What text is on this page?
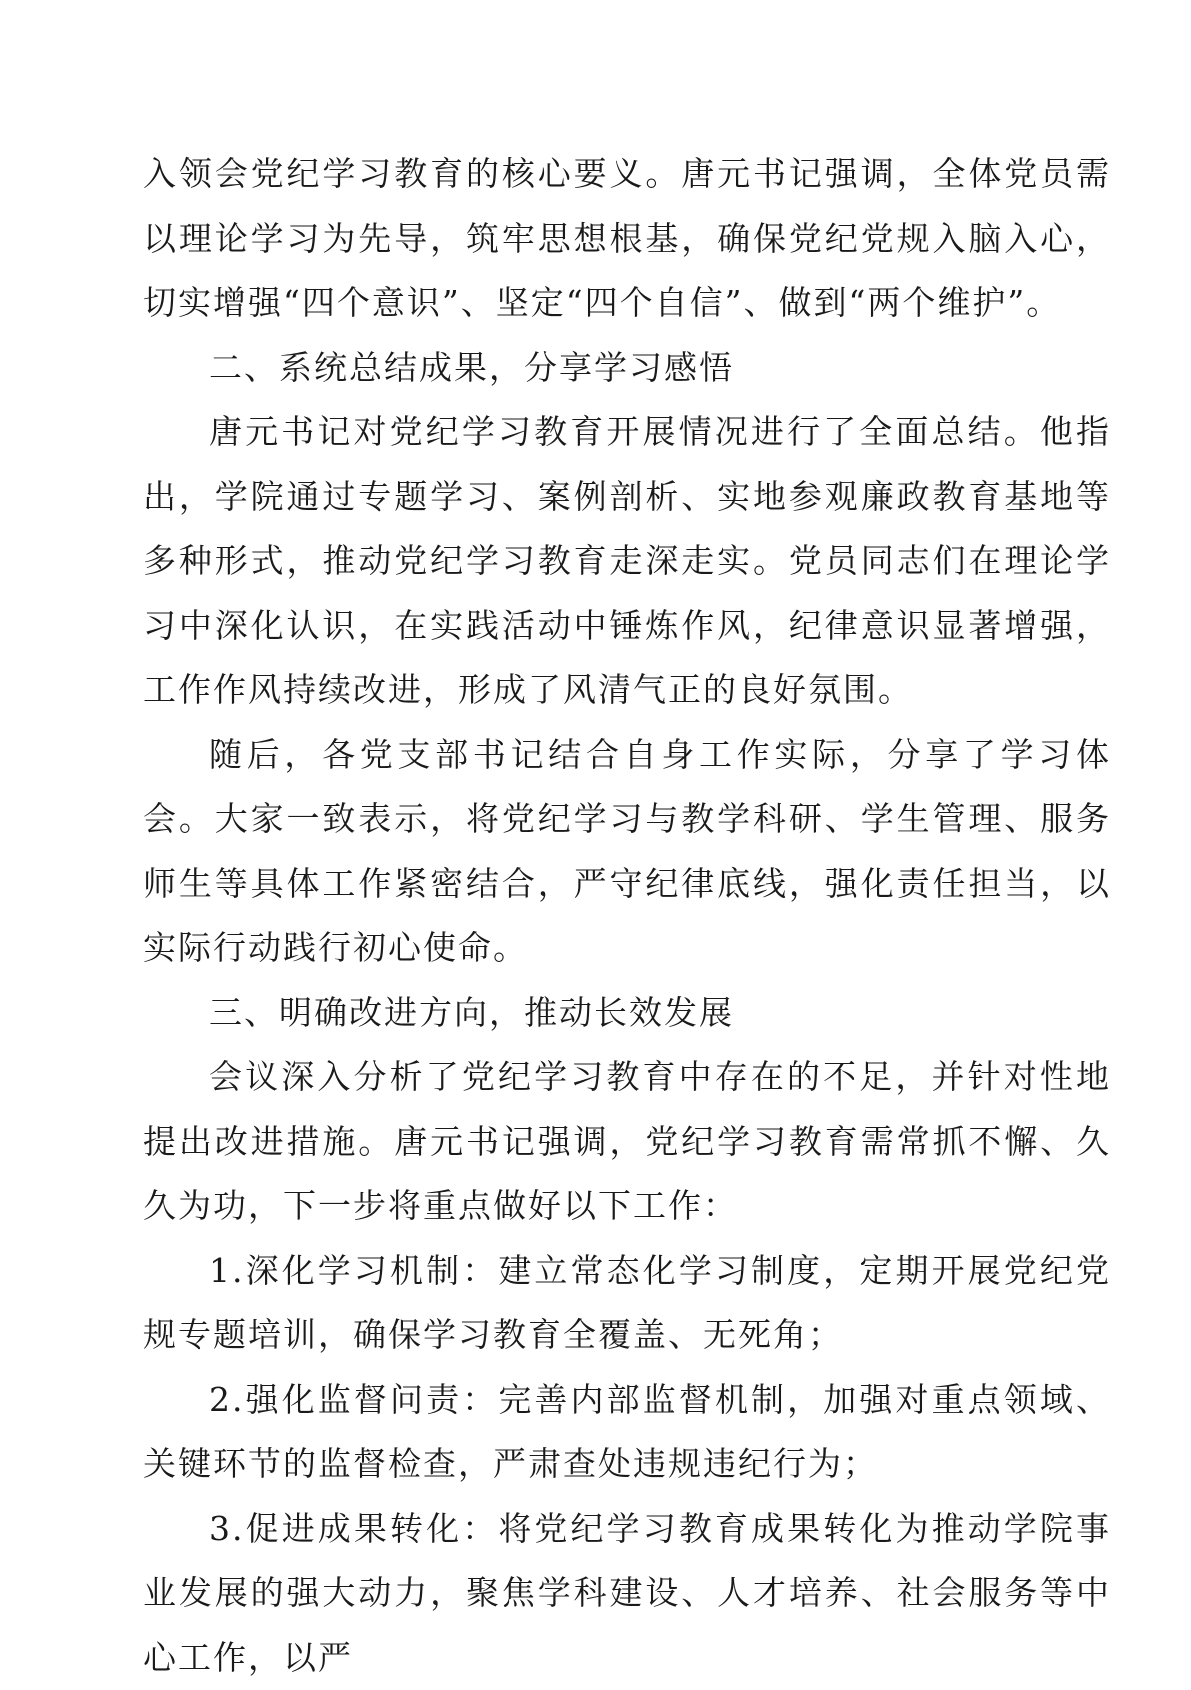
入领会党纪学习教育的核心要义。唐元书记强调，全体党员需以理论学习为先导，筑牢思想根基，确保党纪党规入脑入心，切实增强“四个意识”、坚定“四个自信”、做到“两个维护”。

二、系统总结成果，分享学习感悟

唐元书记对党纪学习教育开展情况进行了全面总结。他指出，学院通过专题学习、案例剖析、实地参观廉政教育基地等多种形式，推动党纪学习教育走深走实。党员同志们在理论学习中深化认识，在实践活动中锤炼作风，纪律意识显著增强，工作作风持续改进，形成了风清气正的良好氛围。

随后，各党支部书记结合自身工作实际，分享了学习体会。大家一致表示，将党纪学习与教学科研、学生管理、服务师生等具体工作紧密结合，严守纪律底线，强化责任担当，以实际行动践行初心使命。

三、明确改进方向，推动长效发展

会议深入分析了党纪学习教育中存在的不足，并针对性地提出改进措施。唐元书记强调，党纪学习教育需常抓不懈、久久为功，下一步将重点做好以下工作：

1.深化学习机制：建立常态化学习制度，定期开展党纪党规专题培训，确保学习教育全覆盖、无死角；

2.强化监督问责：完善内部监督机制，加强对重点领域、关键环节的监督检查，严肃查处违规违纪行为；

3.促进成果转化：将党纪学习教育成果转化为推动学院事业发展的强大动力，聚焦学科建设、人才培养、社会服务等中心工作，以严
